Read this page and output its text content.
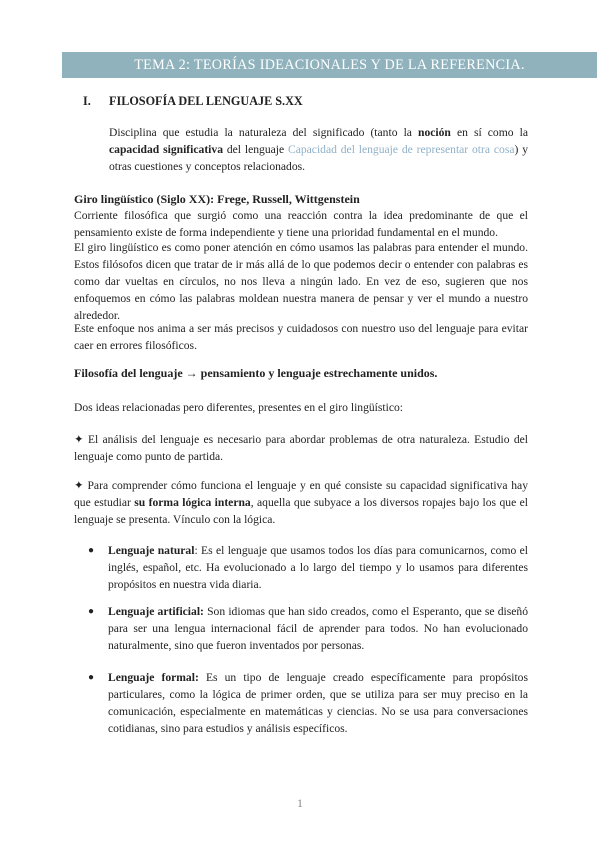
TEMA 2: TEORÍAS IDEACIONALES Y DE LA REFERENCIA.
I. FILOSOFÍA DEL LENGUAJE S.XX

Disciplina que estudia la naturaleza del significado (tanto la noción en sí como la capacidad significativa del lenguaje Capacidad del lenguaje de representar otra cosa) y otras cuestiones y conceptos relacionados.

Giro lingüístico (Siglo XX): Frege, Russell, Wittgenstein

Corriente filosófica que surgió como una reacción contra la idea predominante de que el pensamiento existe de forma independiente y tiene una prioridad fundamental en el mundo.

El giro lingüístico es como poner atención en cómo usamos las palabras para entender el mundo. Estos filósofos dicen que tratar de ir más allá de lo que podemos decir o entender con palabras es como dar vueltas en círculos, no nos lleva a ningún lado. En vez de eso, sugieren que nos enfoquemos en cómo las palabras moldean nuestra manera de pensar y ver el mundo a nuestro alrededor.

Este enfoque nos anima a ser más precisos y cuidadosos con nuestro uso del lenguaje para evitar caer en errores filosóficos.

Filosofía del lenguaje → pensamiento y lenguaje estrechamente unidos.

Dos ideas relacionadas pero diferentes, presentes en el giro lingüístico:

✦ El análisis del lenguaje es necesario para abordar problemas de otra naturaleza. Estudio del lenguaje como punto de partida.

✦ Para comprender cómo funciona el lenguaje y en qué consiste su capacidad significativa hay que estudiar su forma lógica interna, aquella que subyace a los diversos ropajes bajo los que el lenguaje se presenta. Vínculo con la lógica.

● Lenguaje natural: Es el lenguaje que usamos todos los días para comunicarnos, como el inglés, español, etc. Ha evolucionado a lo largo del tiempo y lo usamos para diferentes propósitos en nuestra vida diaria.
● Lenguaje artificial: Son idiomas que han sido creados, como el Esperanto, que se diseñó para ser una lengua internacional fácil de aprender para todos. No han evolucionado naturalmente, sino que fueron inventados por personas.
● Lenguaje formal: Es un tipo de lenguaje creado específicamente para propósitos particulares, como la lógica de primer orden, que se utiliza para ser muy preciso en la comunicación, especialmente en matemáticas y ciencias. No se usa para conversaciones cotidianas, sino para estudios y análisis específicos.
1
